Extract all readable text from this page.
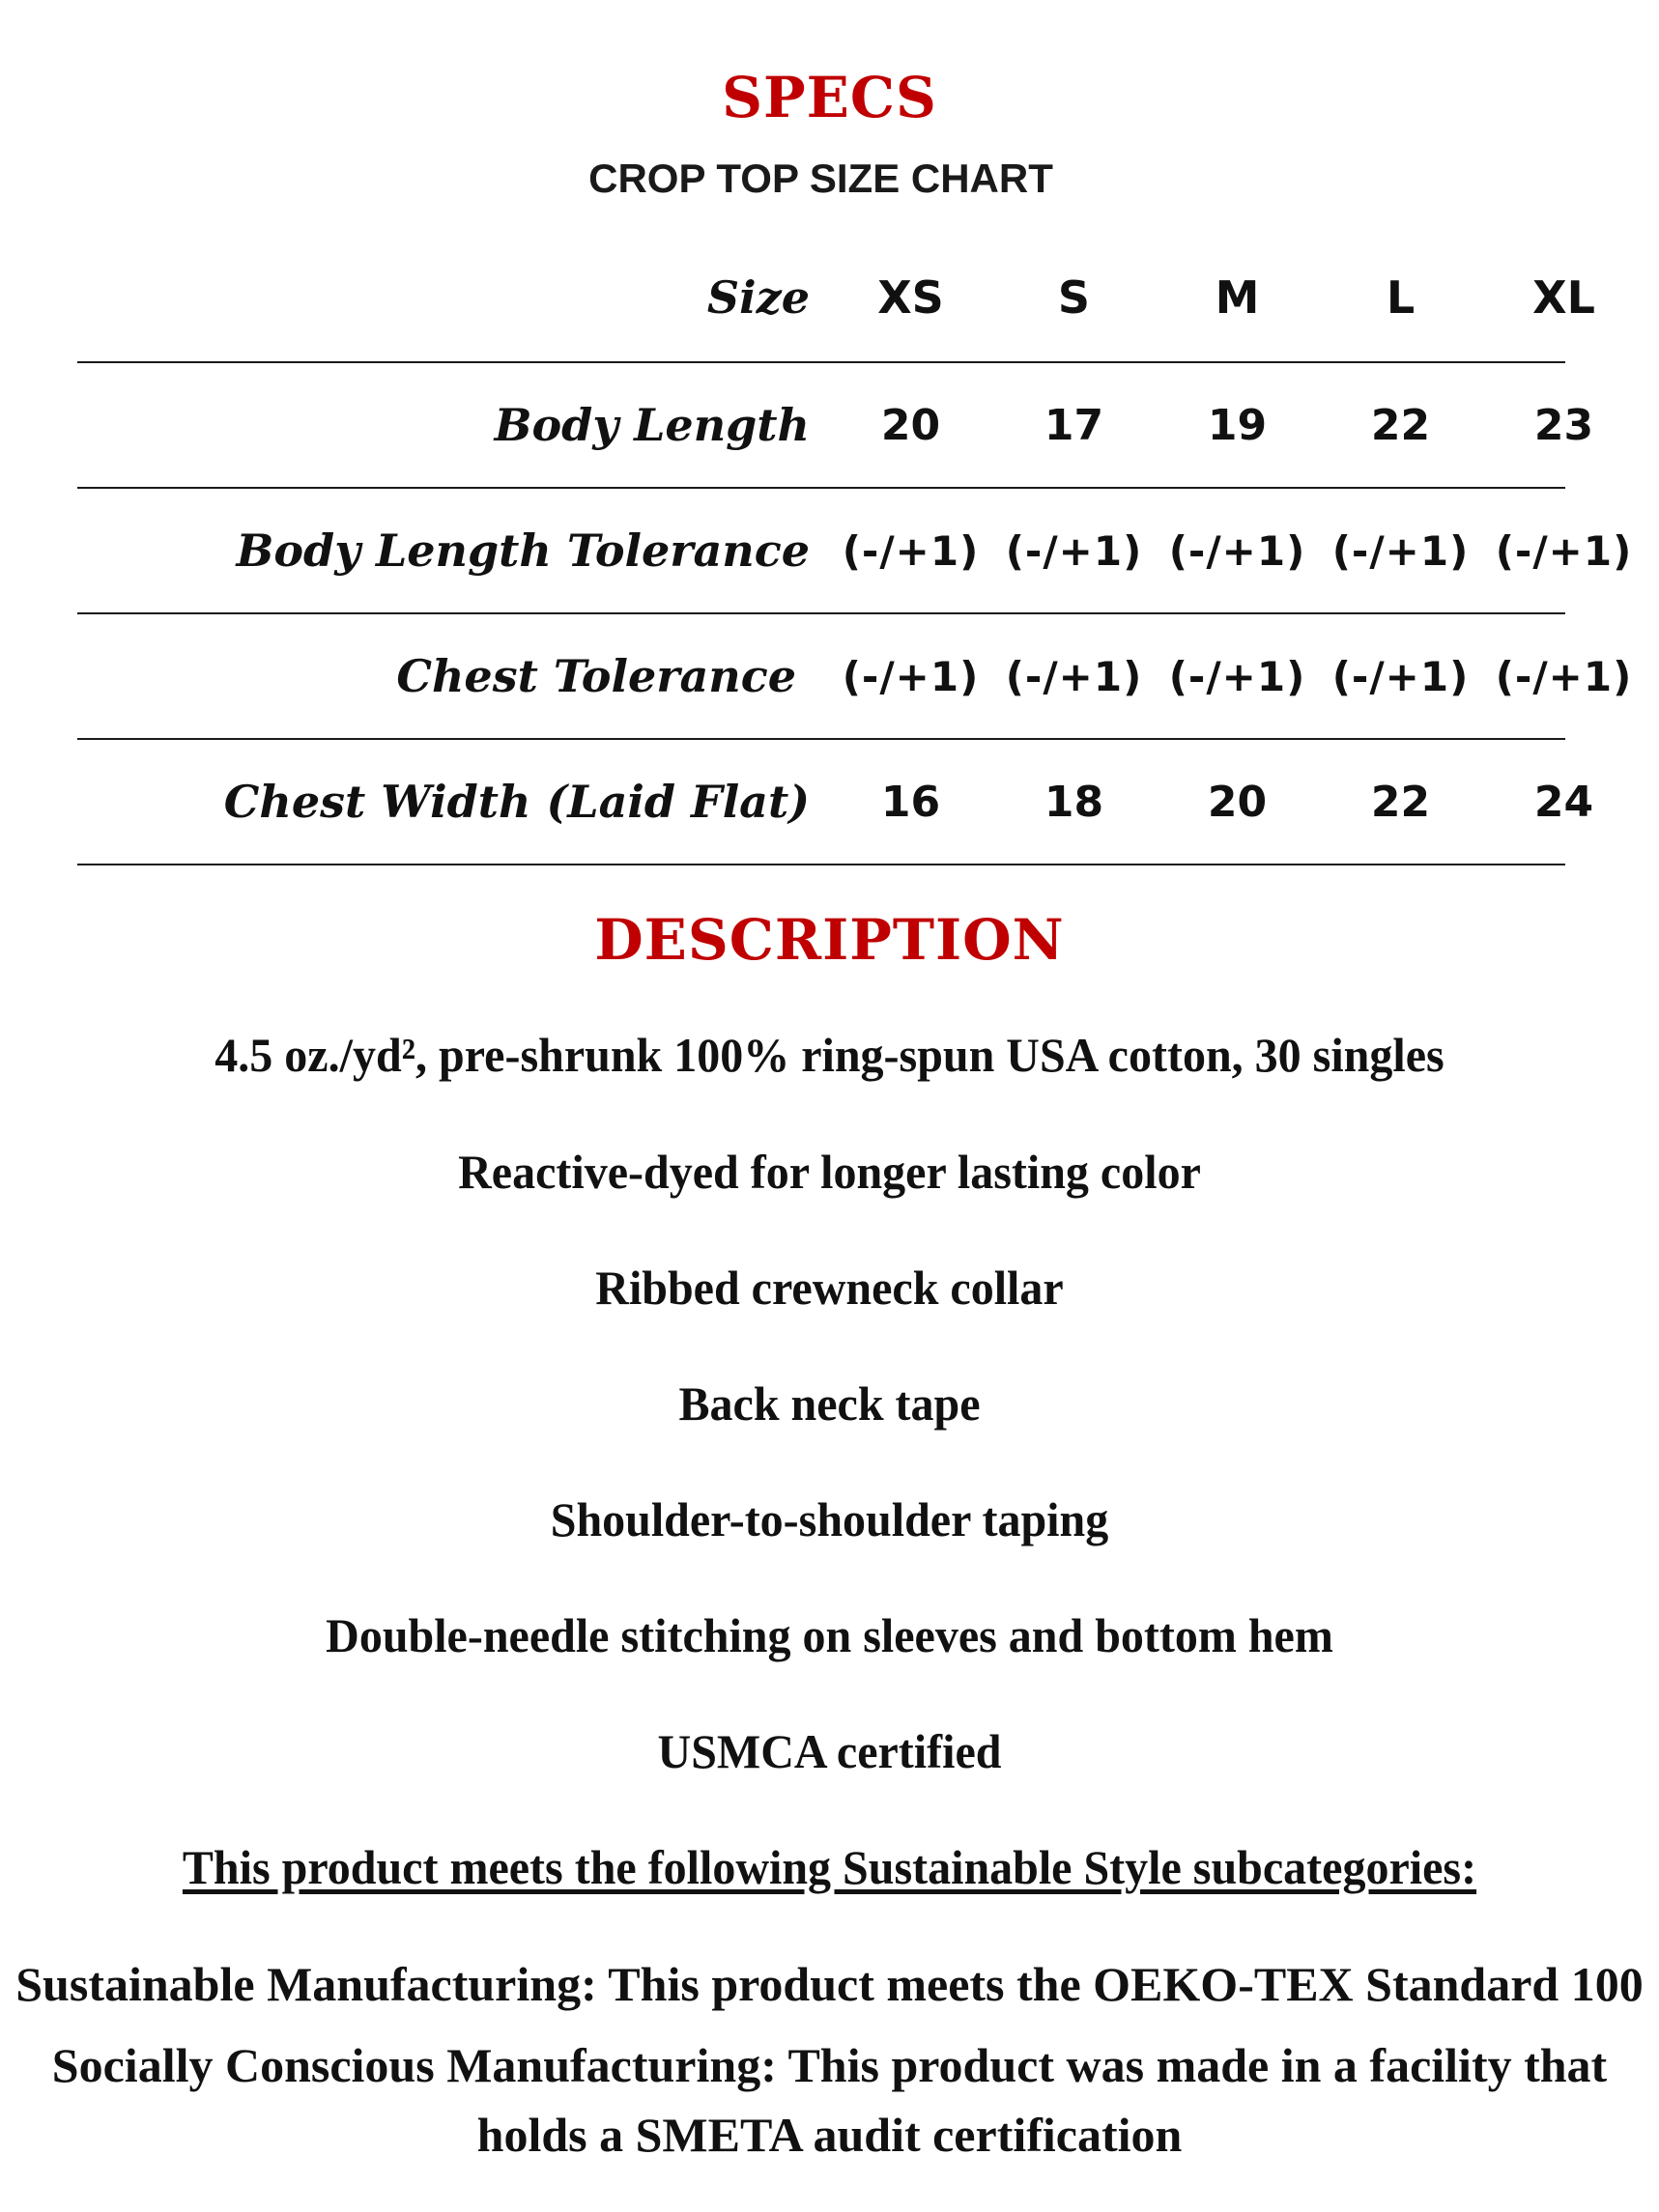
SPECS
CROP TOP SIZE CHART
Size	XS	S	M	L	XL
Body Length	20	17	19	22	23
Body Length Tolerance (-/+1) (-/+1) (-/+1) (-/+1) (-/+1)
Chest Tolerance	(-/+1) (-/+1) (-/+1) (-/+1) (-/+1)
Chest Width (Laid Flat)	16	18	20	22	24
DESCRIPTION
4.5 oz./yd², pre-shrunk 100% ring-spun USA cotton, 30 singles
Reactive-dyed for longer lasting color
Ribbed crewneck collar
Back neck tape
Shoulder-to-shoulder taping
Double-needle stitching on sleeves and bottom hem
USMCA certified
This product meets the following Sustainable Style subcategories:
Sustainable Manufacturing: This product meets the OEKO-TEX Standard 100
Socially Conscious Manufacturing: This product was made in a facility that
holds a SMETA audit certification
